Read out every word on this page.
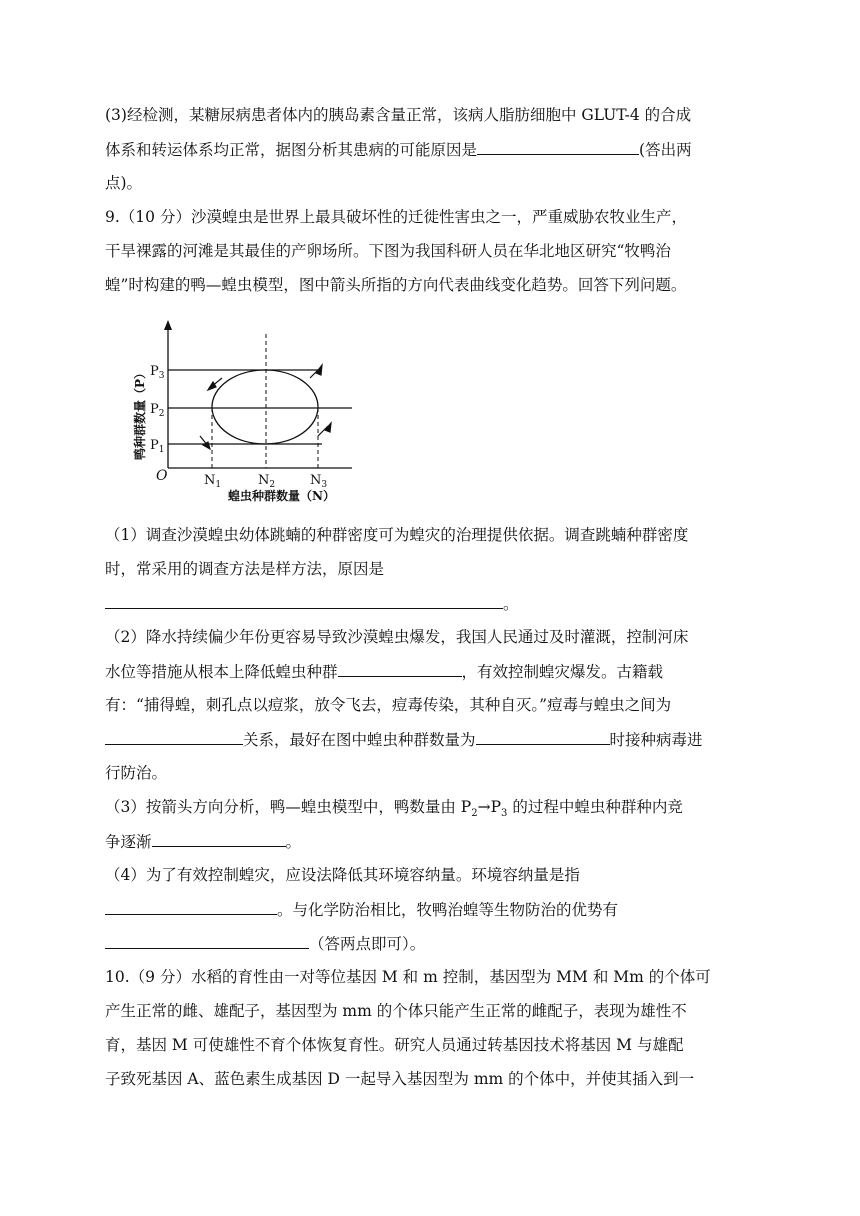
(3)经检测，某糖尿病患者体内的胰岛素含量正常，该病人脂肪细胞中 GLUT-4 的合成
体系和转运体系均正常，据图分析其患病的可能原因是	(答出两
点)。
9.（10 分）沙漠蝗虫是世界上最具破坏性的迁徙性害虫之一，严重威胁农牧业生产，
干旱裸露的河滩是其最佳的产卵场所。下图为我国科研人员在华北地区研究“牧鸭治
蝗”时构建的鸭—蝗虫模型，图中箭头所指的方向代表曲线变化趋势。回答下列问题。
$P_3$
$P_2$
$P_1$
O	$N_1$	$N_2$	$N_3$
蝗虫种群数量（N）
鸭种群数量（P）
（1）调查沙漠蝗虫幼体跳蝻的种群密度可为蝗灾的治理提供依据。调查跳蝻种群密度
时，常采用的调查方法是样方法，原因是
。
（2）降水持续偏少年份更容易导致沙漠蝗虫爆发，我国人民通过及时灌溉，控制河床
水位等措施从根本上降低蝗虫种群	，有效控制蝗灾爆发。古籍载
有：“捕得蝗，刺孔点以痘浆，放令飞去，痘毒传染，其种自灭。”痘毒与蝗虫之间为
关系，最好在图中蝗虫种群数量为	时接种病毒进
行防治。
（3）按箭头方向分析，鸭—蝗虫模型中，鸭数量由 $P_2\to P_3$ 的过程中蝗虫种群种内竞
争逐渐	。
（4）为了有效控制蝗灾，应设法降低其环境容纳量。环境容纳量是指
。与化学防治相比，牧鸭治蝗等生物防治的优势有
（答两点即可）。
10.（9 分）水稻的育性由一对等位基因 M 和 m 控制，基因型为 MM 和 Mm 的个体可
产生正常的雌、雄配子，基因型为 mm 的个体只能产生正常的雌配子，表现为雄性不
育，基因 M 可使雄性不育个体恢复育性。研究人员通过转基因技术将基因 M 与雄配
子致死基因 A、蓝色素生成基因 D 一起导入基因型为 mm 的个体中，并使其插入到一
